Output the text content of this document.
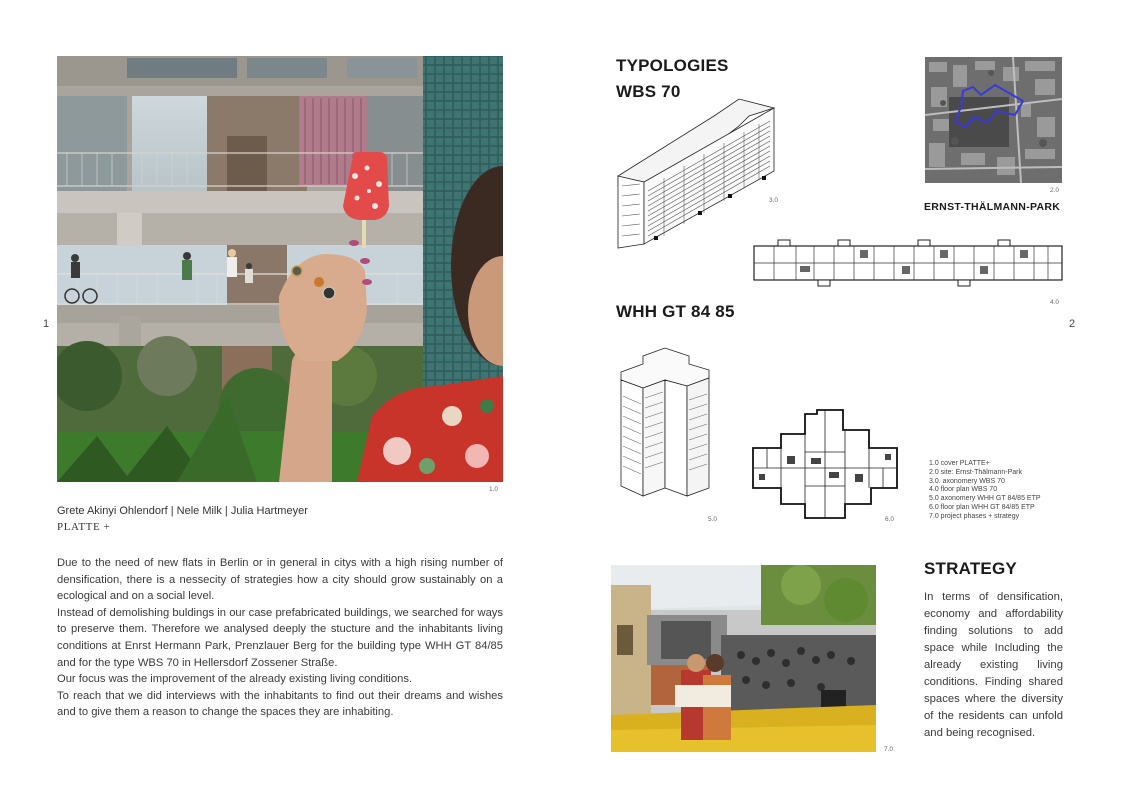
1	2
1.0
Grete Akinyi Ohlendorf | Nele Milk | Julia Hartmeyer
PLATTE +
Due to the need of new flats in Berlin or in general in citys with a high rising number of densification, there is a nessecity of strategies how a city should grow sustainably on a ecological and on a social level.
Instead of demolishing buldings in our case prefabricated buildings, we searched for ways to preserve them. Therefore we analysed deeply the stucture and the inhabitants living conditions at Enrst Hermann Park, Prenzlauer Berg for the building type WHH GT 84/85 and for the type WBS 70 in Hellersdorf Zossener Straße.
Our focus was the improvement of the already existing living conditions.
To reach that we did interviews with the inhabitants to find out their dreams and wishes and to give them a reason to change the spaces they are inhabiting.
TYPOLOGIES
WBS 70
3.0
2.0
ERNST-THÄLMANN-PARK
4.0
WHH GT 84 85
5.0	6.0
1.0 cover PLATTE+
2.0 site: Ernst-Thälmann-Park
3.0. axonomery WBS 70
4.0 floor plan WBS 70
5.0 axonomery WHH GT 84/85 ETP
6.0 floor plan WHH GT 84/85 ETP
7.0 project phases + strategy
7.0
STRATEGY
In terms of densification, economy and affordability finding solutions to add space while Including the already existing living conditions. Finding shared spaces where the diversity of the residents can unfold and being recognised.
